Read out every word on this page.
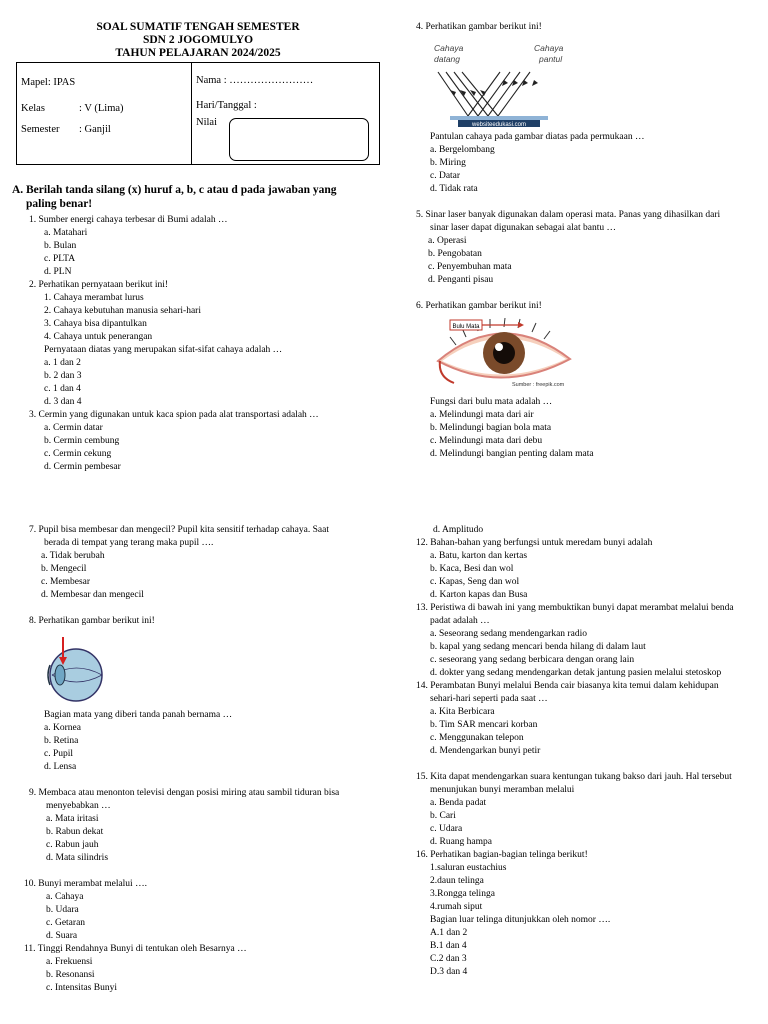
SOAL SUMATIF TENGAH SEMESTER
SDN 2 JOGOMULYO
TAHUN PELAJARAN 2024/2025
Mapel: IPAS
Kelas	: V (Lima)
Semester : Ganjil
Nama : ……………………
Hari/Tanggal :
Nilai
A. Berilah tanda silang (x) huruf a, b, c atau d pada jawaban yang
paling benar!
1. Sumber energi cahaya terbesar di Bumi adalah …
a. Matahari
b. Bulan
c. PLTA
d. PLN
2. Perhatikan pernyataan berikut ini!
1. Cahaya merambat lurus
2. Cahaya kebutuhan manusia sehari-hari
3. Cahaya bisa dipantulkan
4. Cahaya untuk penerangan
Pernyataan diatas yang merupakan sifat-sifat cahaya adalah …
a. 1 dan 2
b. 2 dan 3
c. 1 dan 4
d. 3 dan 4
3. Cermin yang digunakan untuk kaca spion pada alat transportasi adalah …
a. Cermin datar
b. Cermin cembung
c. Cermin cekung
d. Cermin pembesar
4. Perhatikan gambar berikut ini!
Pantulan cahaya pada gambar diatas pada permukaan …
a. Bergelombang
b. Miring
c. Datar
d. Tidak rata
5. Sinar laser banyak digunakan dalam operasi mata. Panas yang dihasilkan dari
sinar laser dapat digunakan sebagai alat bantu …
a. Operasi
b. Pengobatan
c. Penyembuhan mata
d. Penganti pisau
6. Perhatikan gambar berikut ini!
Fungsi dari bulu mata adalah …
a. Melindungi mata dari air
b. Melindungi bagian bola mata
c. Melindungi mata dari debu
d. Melindungi bangian penting dalam mata
7. Pupil bisa membesar dan mengecil? Pupil kita sensitif terhadap cahaya. Saat
berada di tempat yang terang maka pupil ….
a. Tidak berubah
b. Mengecil
c. Membesar
d. Membesar dan mengecil
8. Perhatikan gambar berikut ini!
Bagian mata yang diberi tanda panah bernama …
a. Kornea
b. Retina
c. Pupil
d. Lensa
9. Membaca atau menonton televisi dengan posisi miring atau sambil tiduran bisa
menyebabkan …
a. Mata iritasi
b. Rabun dekat
c. Rabun jauh
d. Mata silindris
10. Bunyi merambat melalui ….
a. Cahaya
b. Udara
c. Getaran
d. Suara
11. Tinggi Rendahnya Bunyi di tentukan oleh Besarnya …
a. Frekuensi
b. Resonansi
c. Intensitas Bunyi
d. Amplitudo
12. Bahan-bahan yang berfungsi untuk meredam bunyi adalah
a. Batu, karton dan kertas
b. Kaca, Besi dan wol
c. Kapas, Seng dan wol
d. Karton kapas dan Busa
13. Peristiwa di bawah ini yang membuktikan bunyi dapat merambat melalui benda
padat adalah …
a. Seseorang sedang mendengarkan radio
b. kapal yang sedang mencari benda hilang di dalam laut
c. seseorang yang sedang berbicara dengan orang lain
d. dokter yang sedang mendengarkan detak jantung pasien melalui stetoskop
14. Perambatan Bunyi melalui Benda cair biasanya kita temui dalam kehidupan
sehari-hari seperti pada saat …
a. Kita Berbicara
b. Tim SAR mencari korban
c. Menggunakan telepon
d. Mendengarkan bunyi petir
15. Kita dapat mendengarkan suara kentungan tukang bakso dari jauh. Hal tersebut
menunjukan bunyi meramban melalui
a. Benda padat
b. Cari
c. Udara
d. Ruang hampa
16. Perhatikan bagian-bagian telinga berikut!
1.saluran eustachius
2.daun telinga
3.Rongga telinga
4.rumah siput
Bagian luar telinga ditunjukkan oleh nomor ….
A.1 dan 2
B.1 dan 4
C.2 dan 3
D.3 dan 4
Cahaya
datang
Cahaya
pantul
websiteedukasi.com
Bulu Mata
Sumber : freepik.com
